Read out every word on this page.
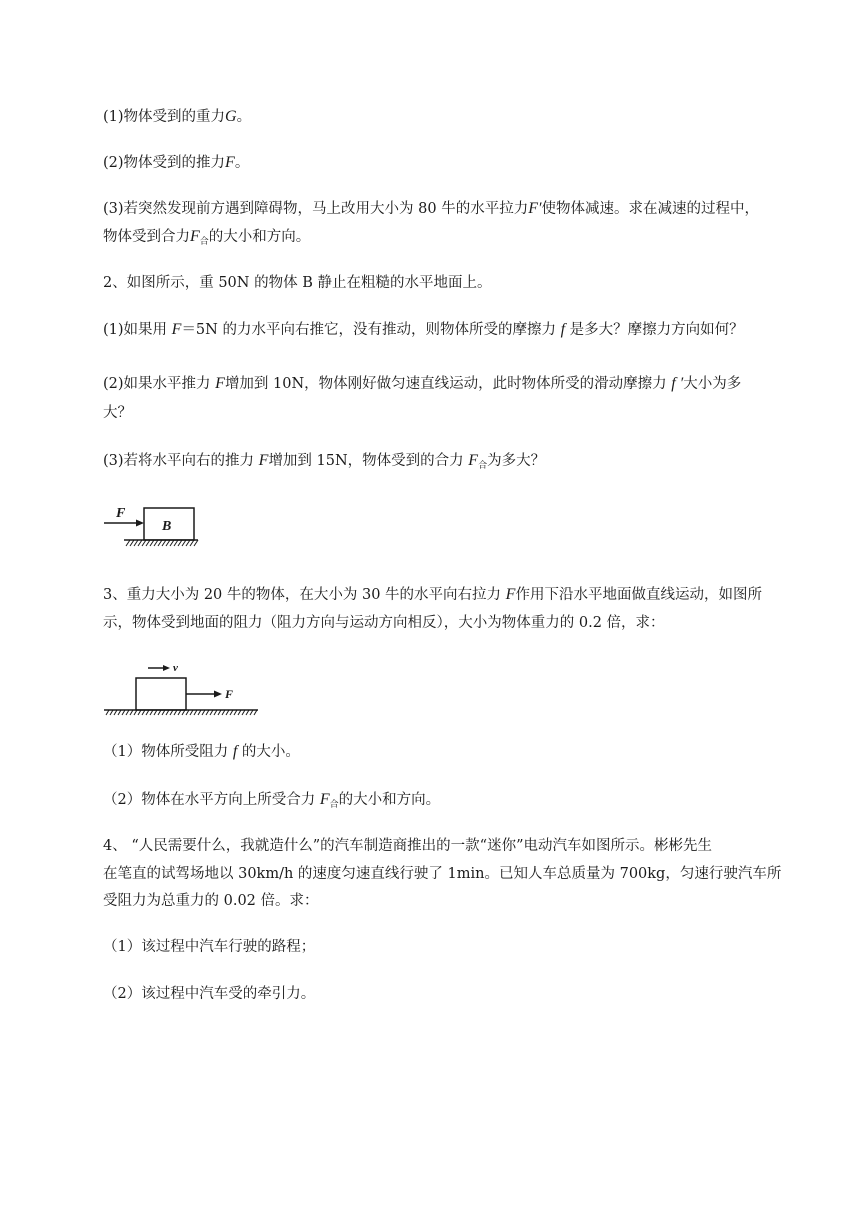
(1)物体受到的重力G。
(2)物体受到的推力F。
(3)若突然发现前方遇到障碍物，马上改用大小为 80 牛的水平拉力F′使物体减速。求在减速的过程中，
物体受到合力$F_合$的大小和方向。
2、如图所示，重 50N 的物体 B 静止在粗糙的水平地面上。
(1)如果用 F＝5N 的力水平向右推它，没有推动，则物体所受的摩擦力 f 是多大？摩擦力方向如何？
(2)如果水平推力 F增加到 10N，物体刚好做匀速直线运动，此时物体所受的滑动摩擦力 f ′大小为多
大？
(3)若将水平向右的推力 F增加到 15N，物体受到的合力 $F_合$为多大？
F
B
3、重力大小为 20 牛的物体，在大小为 30 牛的水平向右拉力 F作用下沿水平地面做直线运动，如图所
示，物体受到地面的阻力（阻力方向与运动方向相反），大小为物体重力的 0.2 倍，求：
v
F
（1）物体所受阻力 f 的大小。
（2）物体在水平方向上所受合力 $F_合$的大小和方向。
4、 “人民需要什么，我就造什么”的汽车制造商推出的一款“迷你”电动汽车如图所示。彬彬先生
在笔直的试驾场地以 30km/h 的速度匀速直线行驶了 1min。已知人车总质量为 700kg，匀速行驶汽车所
受阻力为总重力的 0.02 倍。求：
（1）该过程中汽车行驶的路程；
（2）该过程中汽车受的牵引力。
